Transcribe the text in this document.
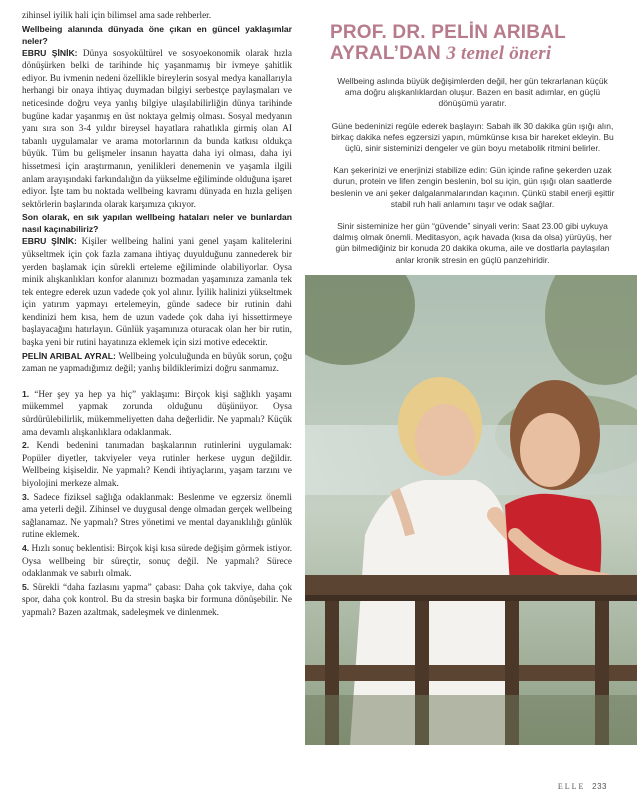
zihinsel iyilik hali için bilimsel ama sade rehberler.

Wellbeing alanında dünyada öne çıkan en güncel yaklaşımlar neler?

EBRU ŞİNİK: Dünya sosyokültürel ve sosyoekonomik olarak hızla dönüşürken belki de tarihinde hiç yaşanmamış bir ivmeye şahitlik ediyor. Bu ivmenin nedeni özellikle bireylerin sosyal medya kanallarıyla herhangi bir onaya ihtiyaç duymadan bilgiyi serbestçe paylaşmaları ve neticesinde doğru veya yanlış bilgiye ulaşılabilirliğin dünya tarihinde bugüne kadar yaşanmış en üst noktaya gelmiş olması. Sosyal medyanın yanı sıra son 3-4 yıldır bireysel hayatlara rahatlıkla girmiş olan AI tabanlı uygulamalar ve arama motorlarının da bunda katkısı oldukça büyük. Tüm bu gelişmeler insanın hayatta daha iyi olması, daha iyi hissetmesi için araştırmanın, yenilikleri denemenin ve yaşamla ilgili anlam arayışındaki farkındalığın da yükselme eğiliminde olduğuna işaret ediyor. İşte tam bu noktada wellbeing kavramı dünyada en hızla gelişen sektörlerin başlarında olarak karşımıza çıkıyor.

Son olarak, en sık yapılan wellbeing hataları neler ve bunlardan nasıl kaçınabiliriz?

EBRU ŞİNİK: Kişiler wellbeing halini yani genel yaşam kalitelerini yükseltmek için çok fazla zamana ihtiyaç duyulduğunu zannederek bir yerden başlamak için sürekli erteleme eğiliminde olabiliyorlar. Oysa minik alışkanlıkları konfor alanınızı bozmadan yaşamınıza zamanla tek tek entegre ederek uzun vadede çok yol alınır. İyilik halinizi yükseltmek için yatırım yapmayı ertelemeyin, günde sadece bir rutinin dahi kendinizi hem kısa, hem de uzun vadede çok daha iyi hissettirmeye başlayacağını hatırlayın. Günlük yaşamınıza oturacak olan her bir rutin, başka yeni bir rutini hayatınıza eklemek için sizi motive edecektir.

PELİN ARIBAL AYRAL: Wellbeing yolculuğunda en büyük sorun, çoğu zaman ne yapmadığımız değil; yanlış bildiklerimizi doğru sanmamız.

1. “Her şey ya hep ya hiç” yaklaşımı: Birçok kişi sağlıklı yaşamı mükemmel yapmak zorunda olduğunu düşünüyor. Oysa sürdürülebilirlik, mükemmeliyetten daha değerlidir. Ne yapmalı? Küçük ama devamlı alışkanlıklara odaklanmak.

2. Kendi bedenini tanımadan başkalarının rutinlerini uygulamak: Popüler diyetler, takviyeler veya rutinler herkese uygun değildir. Wellbeing kişiseldir. Ne yapmalı? Kendi ihtiyaçlarını, yaşam tarzını ve biyolojini merkeze almak.

3. Sadece fiziksel sağlığa odaklanmak: Beslenme ve egzersiz önemli ama yeterli değil. Zihinsel ve duygusal denge olmadan gerçek wellbeing sağlanamaz. Ne yapmalı? Stres yönetimi ve mental dayanıklılığı günlük rutine eklemek.

4. Hızlı sonuç beklentisi: Birçok kişi kısa sürede değişim görmek istiyor. Oysa wellbeing bir süreçtir, sonuç değil. Ne yapmalı? Sürece odaklanmak ve sabırlı olmak.

5. Sürekli “daha fazlasını yapma” çabası: Daha çok takviye, daha çok spor, daha çok kontrol. Bu da stresin başka bir formuna dönüşebilir. Ne yapmalı? Bazen azaltmak, sadeleşmek ve dinlenmek.

PROF. DR. PELİN ARIBAL
AYRAL’DAN 3 temel öneri

Wellbeing aslında büyük değişimlerden değil, her gün tekrarlanan küçük ama doğru alışkanlıklardan oluşur. Bazen en basit adımlar, en güçlü dönüşümü yaratır.

Güne bedeninizi regüle ederek başlayın: Sabah ilk 30 dakika gün ışığı alın, birkaç dakika nefes egzersizi yapın, mümkünse kısa bir hareket ekleyin. Bu üçlü, sinir sisteminizi dengeler ve gün boyu metabolik ritmini belirler.

Kan şekerinizi ve enerjinizi stabilize edin: Gün içinde rafine şekerden uzak durun, protein ve lifen zengin beslenin, bol su için, gün ışığı olan saatlerde beslenin ve ani şeker dalgalanmalarından kaçının. Çünkü stabil enerji eşittir stabil ruh hali anlamını taşır ve odak sağlar.

Sinir sisteminize her gün “güvende” sinyali verin: Saat 23.00 gibi uykuya dalmış olmak önemli. Meditasyon, açık havada (kısa da olsa) yürüyüş, her gün bilmediğiniz bir konuda 20 dakika okuma, aile ve dostlarla paylaşılan anlar kronik stresin en güçlü panzehiridir.

ELLE 233
